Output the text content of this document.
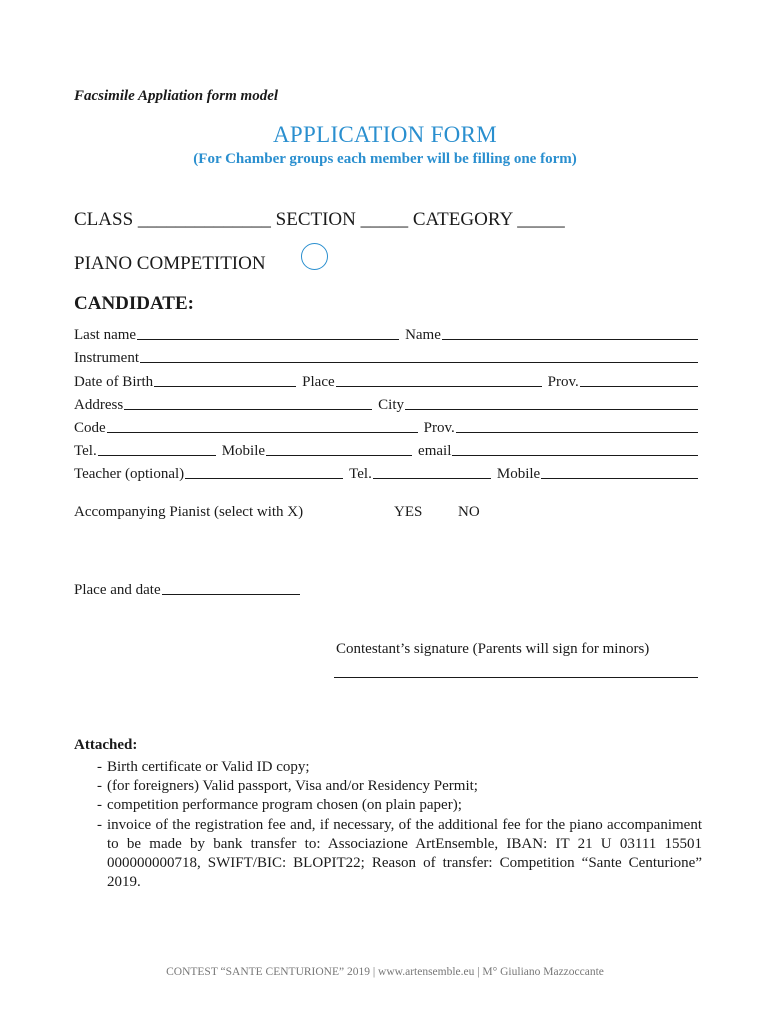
Facsimile Appliation form model
APPLICATION FORM
(For Chamber groups each member will be filling one form)
CLASS ______________ SECTION _____ CATEGORY _____
PIANO COMPETITION
CANDIDATE:
Last name	Name
Instrument
Date of Birth	Place	Prov.
Address	City
Code	Prov.
Tel.	Mobile	email
Teacher (optional)	Tel.	Mobile
Accompanying Pianist (select with X)	YES NO
Place and date
Contestant’s signature (Parents will sign for minors)
Attached:
- Birth certificate or Valid ID copy;
- (for foreigners) Valid passport, Visa and/or Residency Permit;
- competition performance program chosen (on plain paper);
- invoice of the registration fee and, if necessary, of the additional fee for the piano accompaniment to be made by bank transfer to: Associazione ArtEnsemble, IBAN: IT 21 U 03111 15501 000000000718, SWIFT/BIC: BLOPIT22; Reason of transfer: Competition “Sante Centurione” 2019.
CONTEST “SANTE CENTURIONE” 2019 | www.artensemble.eu | M° Giuliano Mazzoccante
